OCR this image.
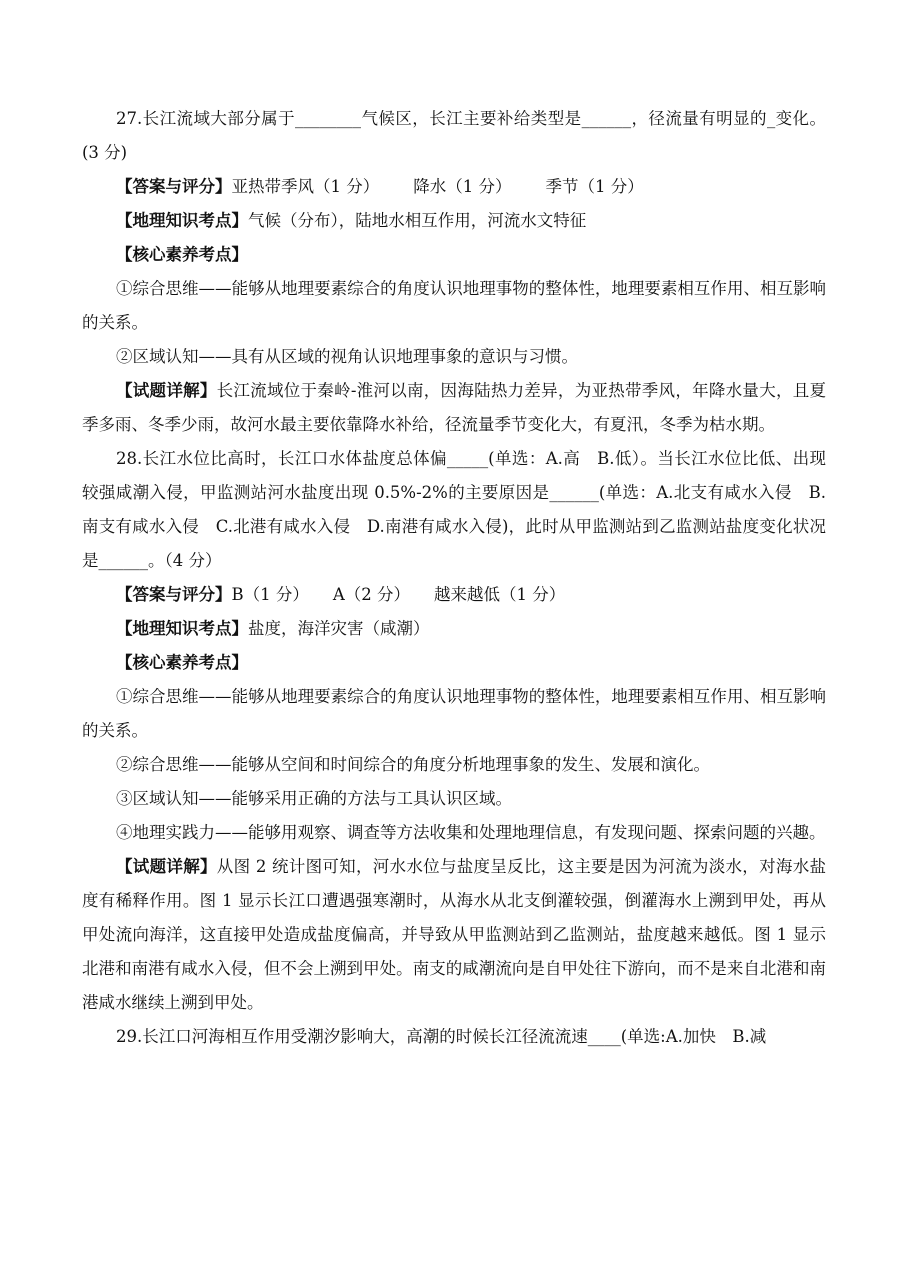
27.长江流域大部分属于________气候区，长江主要补给类型是______，径流量有明显的_变化。(3 分)

【答案与评分】亚热带季风（1 分） 降水（1 分） 季节（1 分）

【地理知识考点】气候（分布），陆地水相互作用，河流水文特征

【核心素养考点】

①综合思维——能够从地理要素综合的角度认识地理事物的整体性，地理要素相互作用、相互影响的关系。

②区域认知——具有从区域的视角认识地理事象的意识与习惯。

【试题详解】长江流域位于秦岭-淮河以南，因海陆热力差异，为亚热带季风，年降水量大，且夏季多雨、冬季少雨，故河水最主要依靠降水补给，径流量季节变化大，有夏汛，冬季为枯水期。

28.长江水位比高时，长江口水体盐度总体偏_____(单选：A.高　B.低）。当长江水位比低、出现较强咸潮入侵，甲监测站河水盐度出现 0.5%-2%的主要原因是______(单选：A.北支有咸水入侵　B.南支有咸水入侵　C.北港有咸水入侵　D.南港有咸水入侵)，此时从甲监测站到乙监测站盐度变化状况是______。（4 分）

【答案与评分】B（1 分） A（2 分） 越来越低（1 分）

【地理知识考点】盐度，海洋灾害（咸潮）

【核心素养考点】

①综合思维——能够从地理要素综合的角度认识地理事物的整体性，地理要素相互作用、相互影响的关系。

②综合思维——能够从空间和时间综合的角度分析地理事象的发生、发展和演化。

③区域认知——能够采用正确的方法与工具认识区域。

④地理实践力——能够用观察、调查等方法收集和处理地理信息，有发现问题、探索问题的兴趣。

【试题详解】从图 2 统计图可知，河水水位与盐度呈反比，这主要是因为河流为淡水，对海水盐度有稀释作用。图 1 显示长江口遭遇强寒潮时，从海水从北支倒灌较强，倒灌海水上溯到甲处，再从甲处流向海洋，这直接甲处造成盐度偏高，并导致从甲监测站到乙监测站，盐度越来越低。图 1 显示北港和南港有咸水入侵，但不会上溯到甲处。南支的咸潮流向是自甲处往下游向，而不是来自北港和南港咸水继续上溯到甲处。

29.长江口河海相互作用受潮汐影响大，高潮的时候长江径流流速____(单选:A.加快　B.减
